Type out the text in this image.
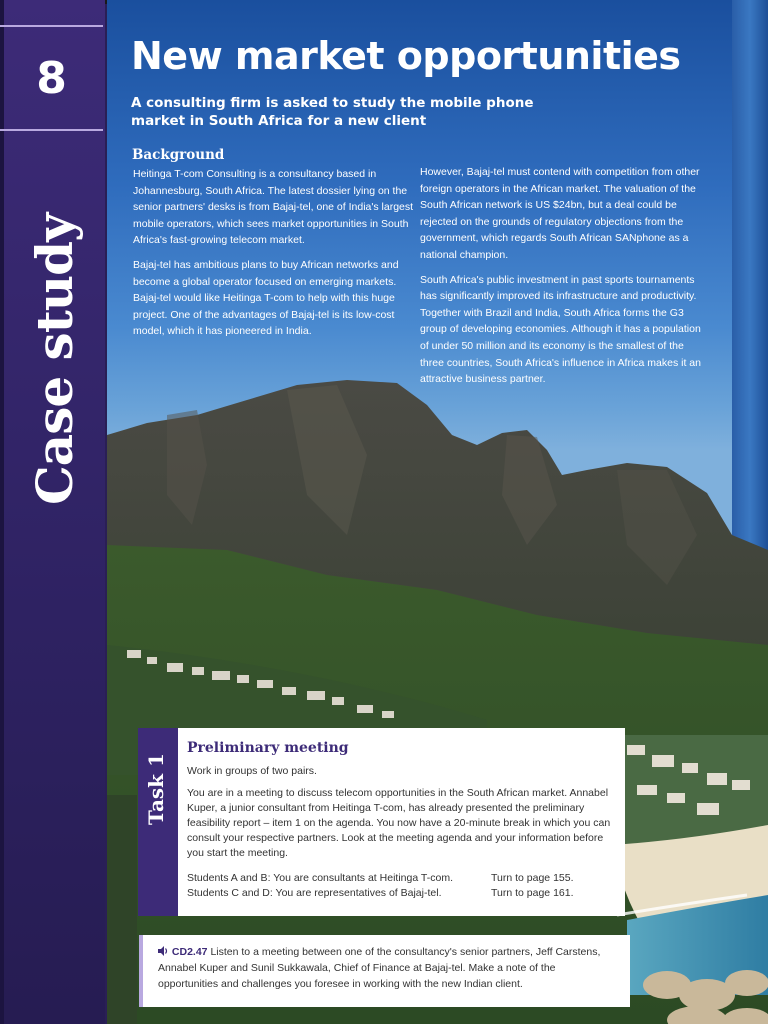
8
Case study
New market opportunities
A consulting firm is asked to study the mobile phone market in South Africa for a new client
Background

Heitinga T-com Consulting is a consultancy based in Johannesburg, South Africa. The latest dossier lying on the senior partners' desks is from Bajaj-tel, one of India's largest mobile operators, which sees market opportunities in South Africa's fast-growing telecom market.

Bajaj-tel has ambitious plans to buy African networks and become a global operator focused on emerging markets. Bajaj-tel would like Heitinga T-com to help with this huge project. One of the advantages of Bajaj-tel is its low-cost model, which it has pioneered in India.

However, Bajaj-tel must contend with competition from other foreign operators in the African market. The valuation of the South African network is US $24bn, but a deal could be rejected on the grounds of regulatory objections from the government, which regards South African SANphone as a national champion.

South Africa's public investment in past sports tournaments has significantly improved its infrastructure and productivity. Together with Brazil and India, South Africa forms the G3 group of developing economies. Although it has a population of under 50 million and its economy is the smallest of the three countries, South Africa's influence in Africa makes it an attractive business partner.

Task 1
Preliminary meeting
Work in groups of two pairs.
You are in a meeting to discuss telecom opportunities in the South African market. Annabel Kuper, a junior consultant from Heitinga T-com, has already presented the preliminary feasibility report – item 1 on the agenda. You now have a 20-minute break in which you can consult your respective partners. Look at the meeting agenda and your information before you start the meeting.
Students A and B: You are consultants at Heitinga T-com.	Turn to page 155.
Students C and D: You are representatives of Bajaj-tel.	Turn to page 161.
CD2.47 Listen to a meeting between one of the consultancy's senior partners, Jeff Carstens, Annabel Kuper and Sunil Sukkawala, Chief of Finance at Bajaj-tel. Make a note of the opportunities and challenges you foresee in working with the new Indian client.
